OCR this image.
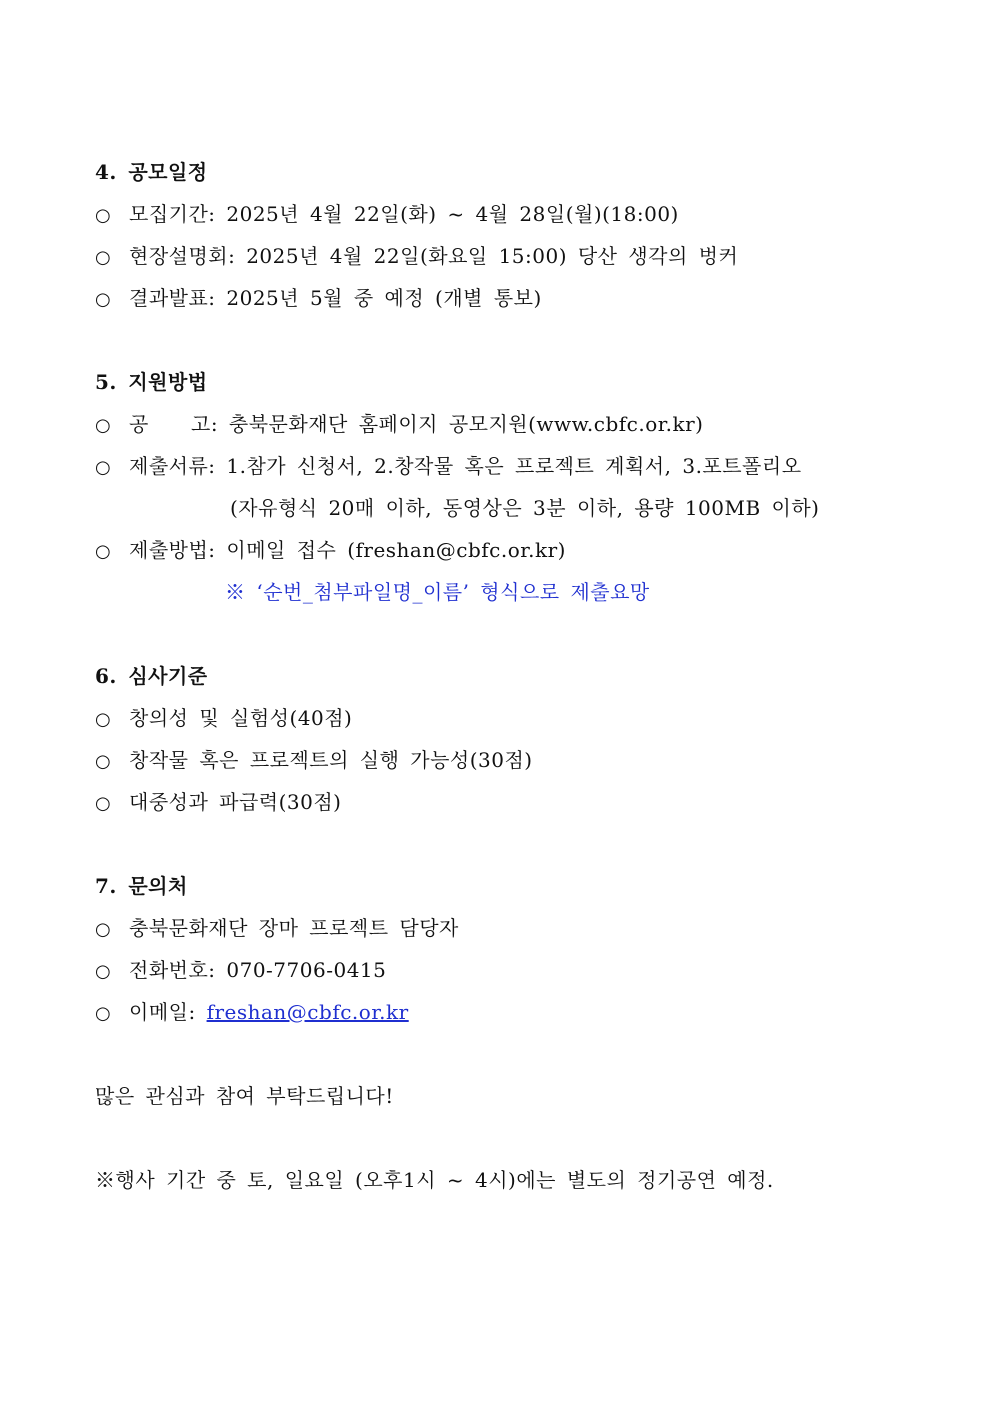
4. 공모일정
○ 모집기간: 2025년 4월 22일(화) ~ 4월 28일(월)(18:00)
○ 현장설명회: 2025년 4월 22일(화요일 15:00) 당산 생각의 벙커
○ 결과발표: 2025년 5월 중 예정 (개별 통보)
5. 지원방법
○ 공 고: 충북문화재단 홈페이지 공모지원(www.cbfc.or.kr)
○ 제출서류: 1.참가 신청서, 2.창작물 혹은 프로젝트 계획서, 3.포트폴리오
(자유형식 20매 이하, 동영상은 3분 이하, 용량 100MB 이하)
○ 제출방법: 이메일 접수 (freshan@cbfc.or.kr)
※ ‘순번_첨부파일명_이름’ 형식으로 제출요망
6. 심사기준
○ 창의성 및 실험성(40점)
○ 창작물 혹은 프로젝트의 실행 가능성(30점)
○ 대중성과 파급력(30점)
7. 문의처
○ 충북문화재단 장마 프로젝트 담당자
○ 전화번호: 070-7706-0415
○ 이메일: freshan@cbfc.or.kr
많은 관심과 참여 부탁드립니다!
※행사 기간 중 토, 일요일 (오후1시 ~ 4시)에는 별도의 정기공연 예정.
